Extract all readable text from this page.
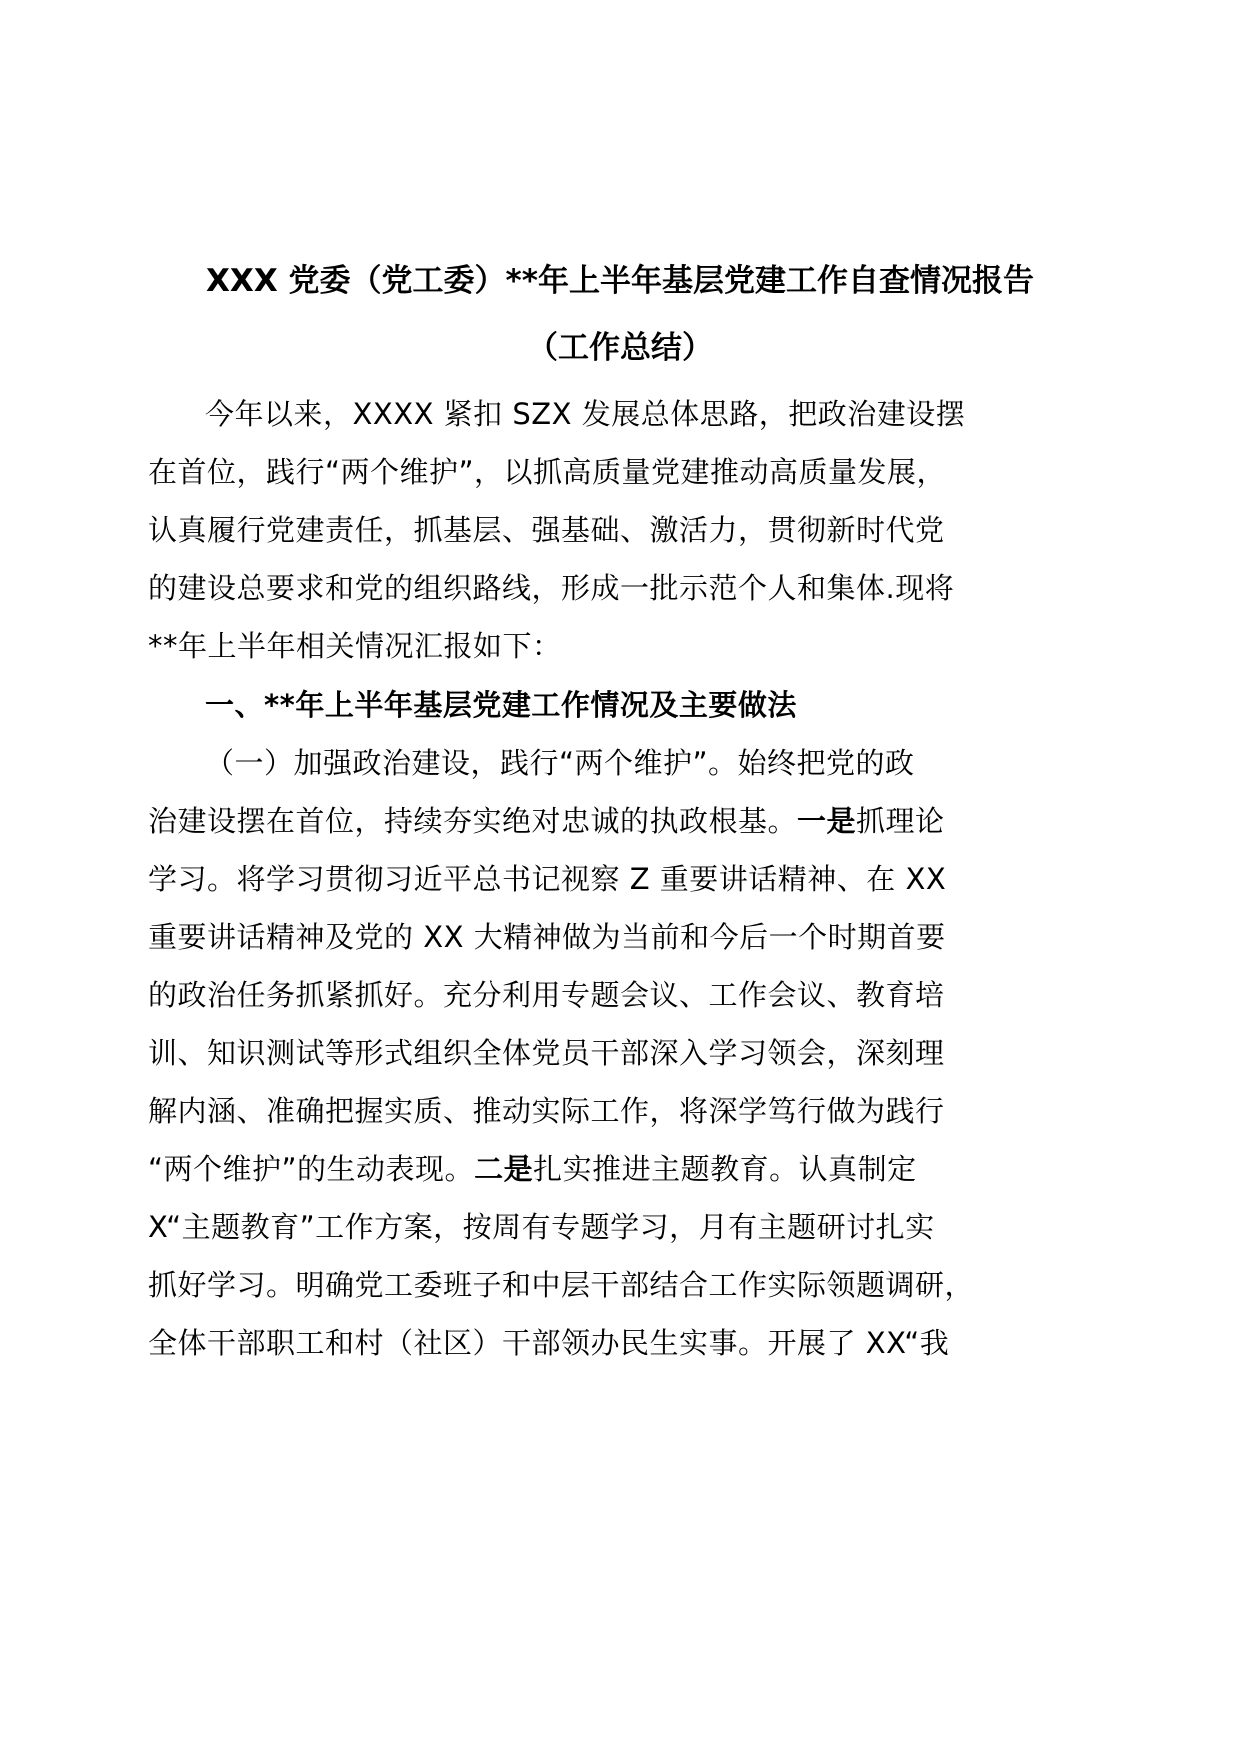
XXX 党委（党工委）**年上半年基层党建工作自查情况报告
（工作总结）
今年以来，XXXX 紧扣 SZX 发展总体思路，把政治建设摆
在首位，践行“两个维护”，以抓高质量党建推动高质量发展，
认真履行党建责任，抓基层、强基础、激活力，贯彻新时代党
的建设总要求和党的组织路线，形成一批示范个人和集体.现将
**年上半年相关情况汇报如下：
一、**年上半年基层党建工作情况及主要做法
（一）加强政治建设，践行“两个维护”。始终把党的政
治建设摆在首位，持续夯实绝对忠诚的执政根基。一是抓理论
学习。将学习贯彻习近平总书记视察 Z 重要讲话精神、在 XX
重要讲话精神及党的 XX 大精神做为当前和今后一个时期首要
的政治任务抓紧抓好。充分利用专题会议、工作会议、教育培
训、知识测试等形式组织全体党员干部深入学习领会，深刻理
解内涵、准确把握实质、推动实际工作，将深学笃行做为践行
“两个维护”的生动表现。二是扎实推进主题教育。认真制定
X“主题教育”工作方案，按周有专题学习，月有主题研讨扎实
抓好学习。明确党工委班子和中层干部结合工作实际领题调研，
全体干部职工和村（社区）干部领办民生实事。开展了 XX“我
